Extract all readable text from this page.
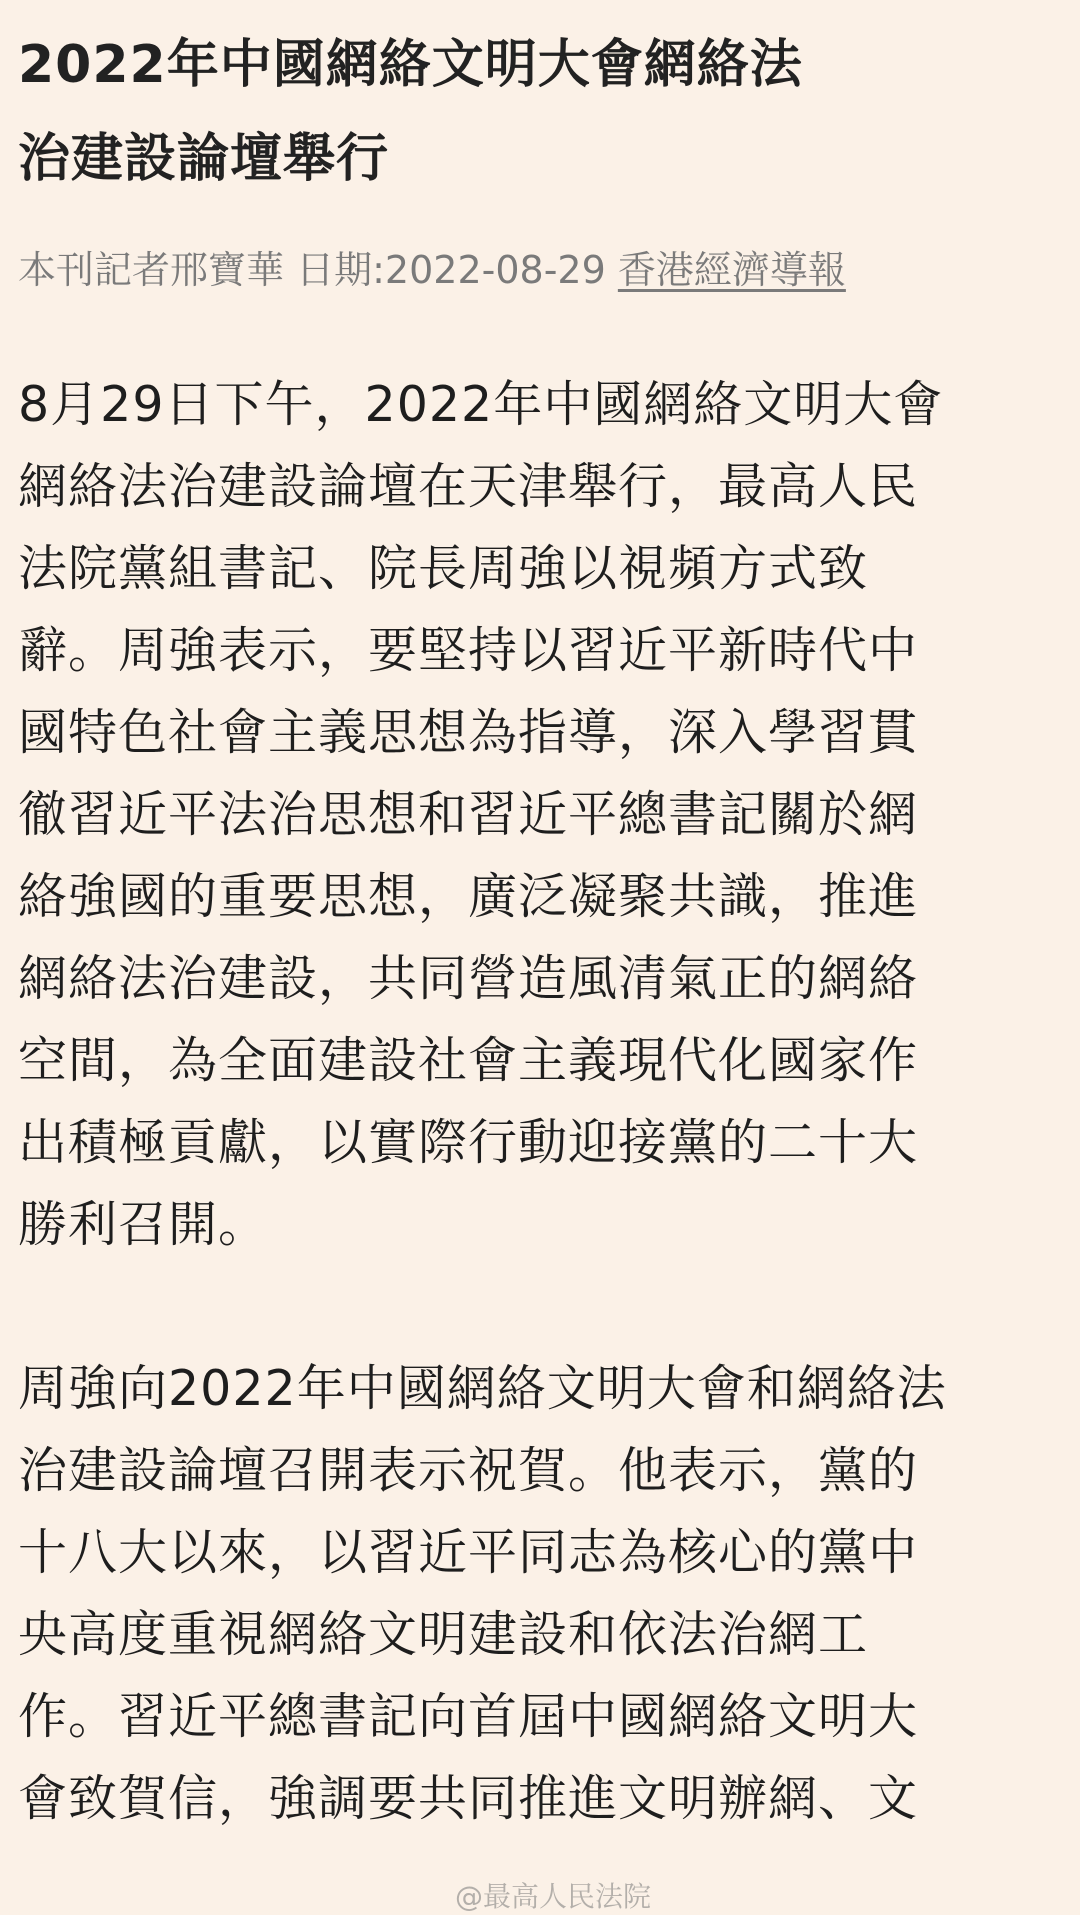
2022年中國網絡文明大會網絡法
治建設論壇舉行
本刊記者邢寶華 日期:2022-08-29 香港經濟導報
8月29日下午，2022年中國網絡文明大會
網絡法治建設論壇在天津舉行，最高人民
法院黨組書記、院長周強以視頻方式致
辭。周強表示，要堅持以習近平新時代中
國特色社會主義思想為指導，深入學習貫
徹習近平法治思想和習近平總書記關於網
絡強國的重要思想，廣泛凝聚共識，推進
網絡法治建設，共同營造風清氣正的網絡
空間，為全面建設社會主義現代化國家作
出積極貢獻，以實際行動迎接黨的二十大
勝利召開。
周強向2022年中國網絡文明大會和網絡法
治建設論壇召開表示祝賀。他表示，黨的
十八大以來，以習近平同志為核心的黨中
央高度重視網絡文明建設和依法治網工
作。習近平總書記向首屆中國網絡文明大
會致賀信，強調要共同推進文明辦網、文
@最高人民法院
